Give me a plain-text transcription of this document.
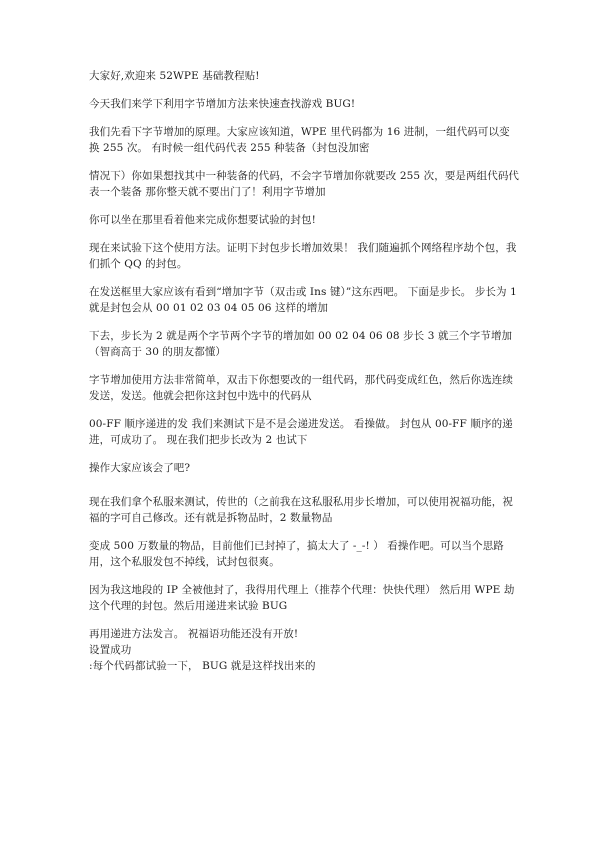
大家好,欢迎来 52WPE 基础教程贴!

今天我们来学下利用字节增加方法来快速查找游戏 BUG!

我们先看下字节增加的原理。大家应该知道，WPE 里代码都为 16 进制，一组代码可以变换 255 次。 有时候一组代码代表 255 种装备（封包没加密

情况下）你如果想找其中一种装备的代码，不会字节增加你就要改 255 次，要是两组代码代表一个装备 那你整天就不要出门了！利用字节增加

你可以坐在那里看着他来完成你想要试验的封包!

现在来试验下这个使用方法。证明下封包步长增加效果！ 我们随遍抓个网络程序劫个包，我们抓个 QQ 的封包。

在发送框里大家应该有看到“增加字节（双击或 Ins 键）”这东西吧。 下面是步长。 步长为 1 就是封包会从 00 01 02 03 04 05 06 这样的增加

下去，步长为 2 就是两个字节两个字节的增加如 00 02 04 06 08 步长 3 就三个字节增加（智商高于 30 的朋友都懂）

字节增加使用方法非常简单，双击下你想要改的一组代码，那代码变成红色，然后你选连续发送，发送。他就会把你这封包中选中的代码从

00-FF 顺序递进的发 我们来测试下是不是会递进发送。 看操做。 封包从 00-FF 顺序的递进，可成功了。 现在我们把步长改为 2 也试下

操作大家应该会了吧?

现在我们拿个私服来测试，传世的（之前我在这私服私用步长增加，可以使用祝福功能，祝福的字可自己修改。还有就是拆物品时，2 数量物品

变成 500 万数量的物品，目前他们已封掉了，搞太大了 -_-! ） 看操作吧。可以当个思路用，这个私服发包不掉线，试封包很爽。

因为我这地段的 IP 全被他封了，我得用代理上（推荐个代理：快快代理） 然后用 WPE 劫这个代理的封包。然后用递进来试验 BUG

再用递进方法发言。 祝福语功能还没有开放!

设置成功

:每个代码都试验一下， BUG 就是这样找出来的
